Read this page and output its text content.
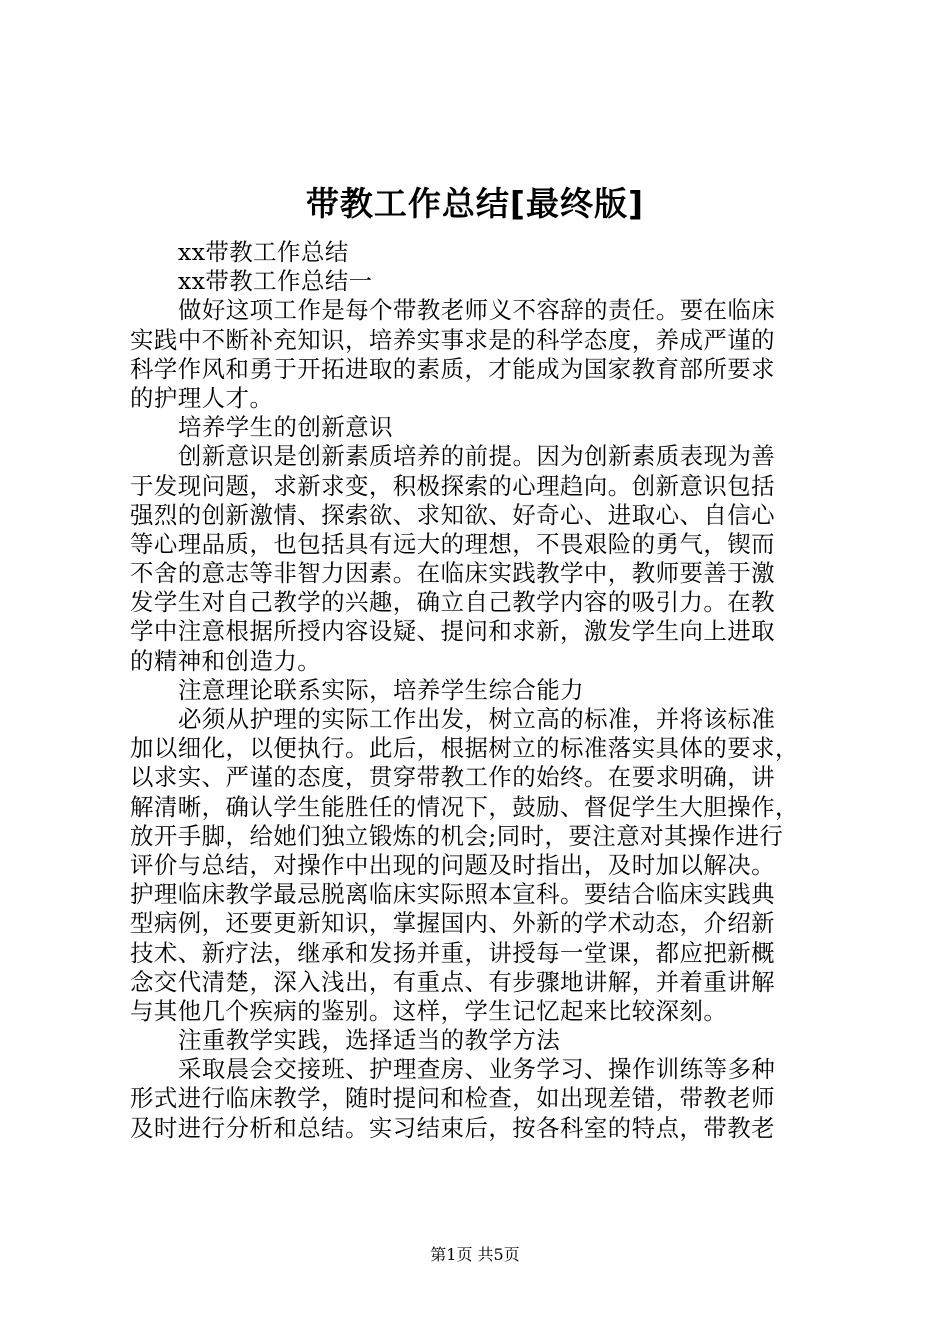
带教工作总结[最终版]
xx带教工作总结
xx带教工作总结一
做好这项工作是每个带教老师义不容辞的责任。要在临床
实践中不断补充知识，培养实事求是的科学态度，养成严谨的
科学作风和勇于开拓进取的素质，才能成为国家教育部所要求
的护理人才。
培养学生的创新意识
创新意识是创新素质培养的前提。因为创新素质表现为善
于发现问题，求新求变，积极探索的心理趋向。创新意识包括
强烈的创新激情、探索欲、求知欲、好奇心、进取心、自信心
等心理品质，也包括具有远大的理想，不畏艰险的勇气，锲而
不舍的意志等非智力因素。在临床实践教学中，教师要善于激
发学生对自己教学的兴趣，确立自己教学内容的吸引力。在教
学中注意根据所授内容设疑、提问和求新，激发学生向上进取
的精神和创造力。
注意理论联系实际，培养学生综合能力
必须从护理的实际工作出发，树立高的标准，并将该标准
加以细化，以便执行。此后，根据树立的标准落实具体的要求，
以求实、严谨的态度，贯穿带教工作的始终。在要求明确，讲
解清晰，确认学生能胜任的情况下，鼓励、督促学生大胆操作，
放开手脚，给她们独立锻炼的机会;同时，要注意对其操作进行
评价与总结，对操作中出现的问题及时指出，及时加以解决。
护理临床教学最忌脱离临床实际照本宣科。要结合临床实践典
型病例，还要更新知识，掌握国内、外新的学术动态，介绍新
技术、新疗法，继承和发扬并重，讲授每一堂课，都应把新概
念交代清楚，深入浅出，有重点、有步骤地讲解，并着重讲解
与其他几个疾病的鉴别。这样，学生记忆起来比较深刻。
注重教学实践，选择适当的教学方法
采取晨会交接班、护理查房、业务学习、操作训练等多种
形式进行临床教学，随时提问和检查，如出现差错，带教老师
及时进行分析和总结。实习结束后，按各科室的特点，带教老
第1页 共5页
